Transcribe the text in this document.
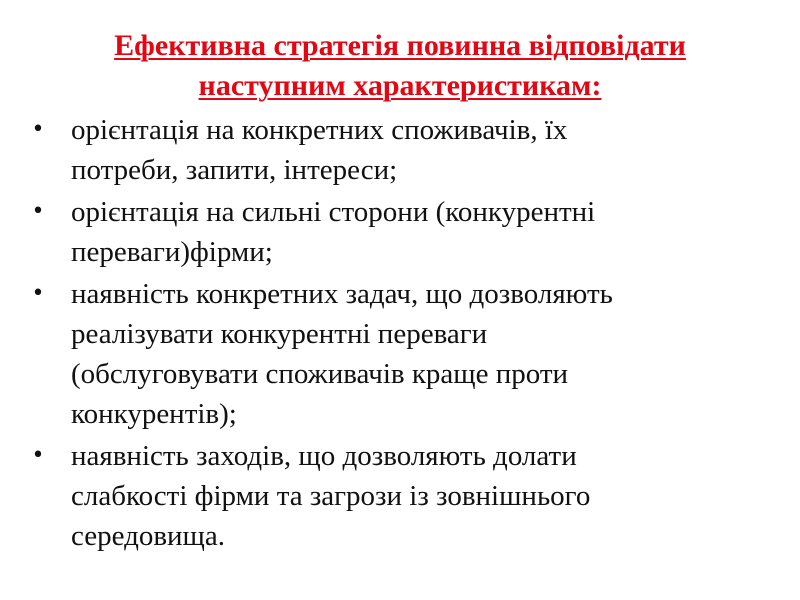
Ефективна стратегія повинна відповідати
наступним характеристикам:
• орієнтація на конкретних споживачів, їх
потреби, запити, інтереси;
• орієнтація на сильні сторони (конкурентні
переваги)фірми;
• наявність конкретних задач, що дозволяють
реалізувати конкурентні переваги
(обслуговувати споживачів краще проти
конкурентів);
• наявність заходів, що дозволяють долати
слабкості фірми та загрози із зовнішнього
середовища.
